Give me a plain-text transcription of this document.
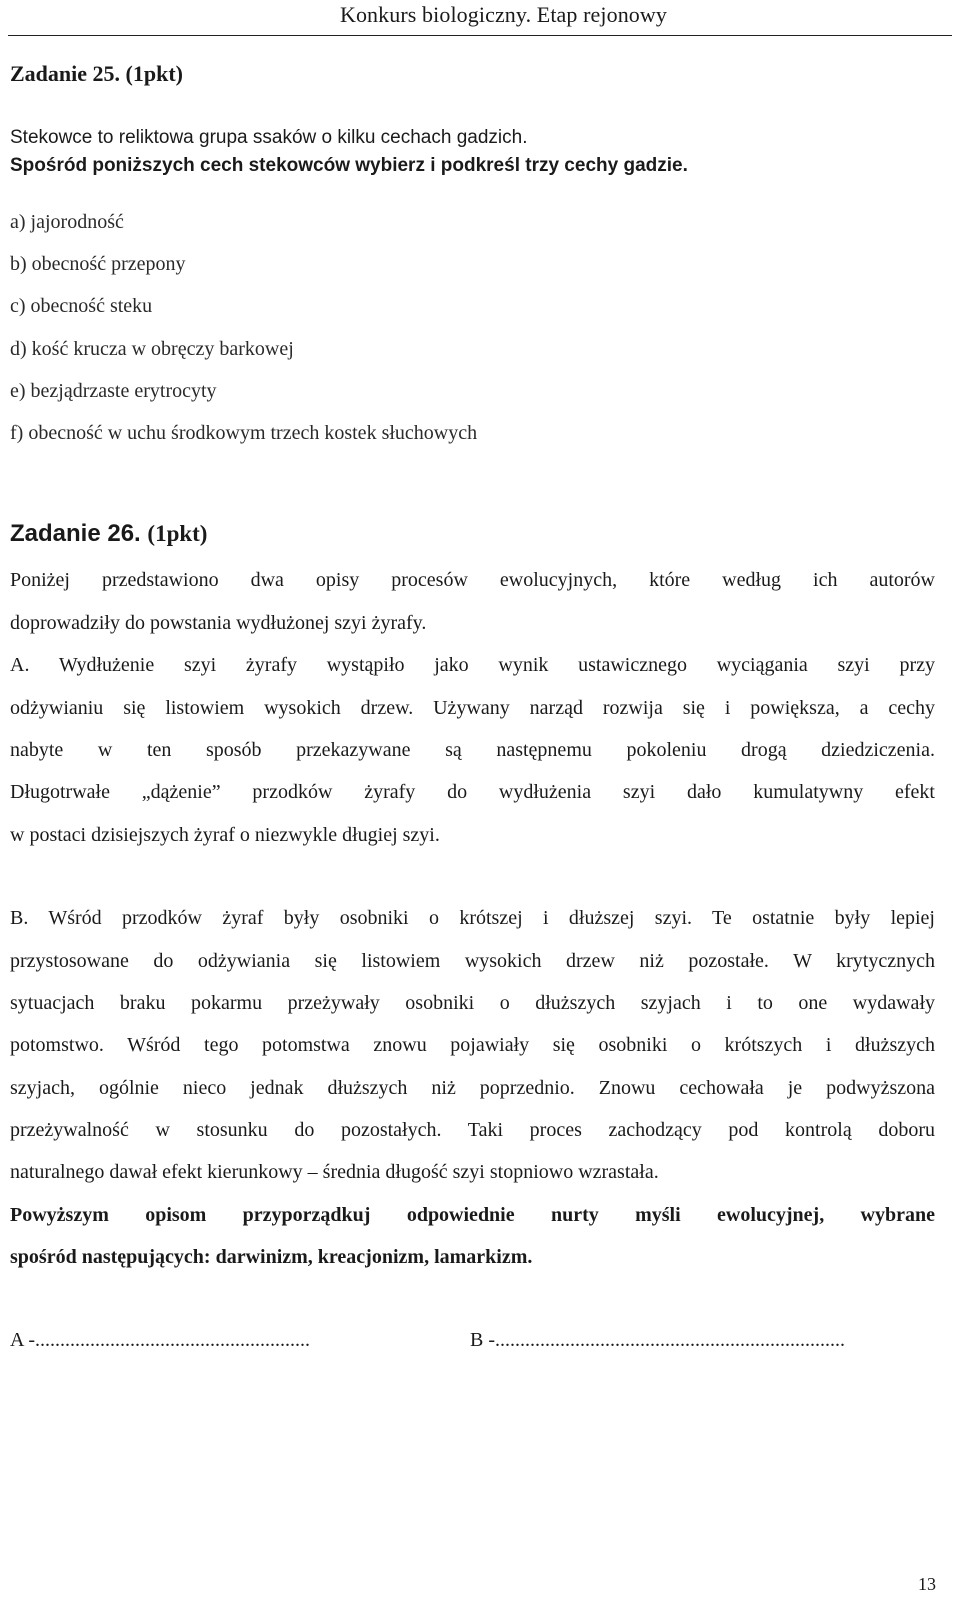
Konkurs biologiczny. Etap rejonowy
Zadanie 25. (1pkt)
Stekowce to reliktowa grupa ssaków o kilku cechach gadzich.
Spośród poniższych cech stekowców wybierz i podkreśl trzy cechy gadzie.
a) jajorodność
b) obecność przepony
c) obecność steku
d) kość krucza w obręczy barkowej
e) bezjądrzaste erytrocyty
f) obecność w uchu środkowym trzech kostek słuchowych
Zadanie 26. (1pkt)
Poniżej przedstawiono dwa opisy procesów ewolucyjnych, które według ich autorów
doprowadziły do powstania wydłużonej szyi żyrafy.
A. Wydłużenie szyi żyrafy wystąpiło jako wynik ustawicznego wyciągania szyi przy
odżywianiu się listowiem wysokich drzew. Używany narząd rozwija się i powiększa, a cechy
nabyte w ten sposób przekazywane są następnemu pokoleniu drogą dziedziczenia.
Długotrwałe „dążenie” przodków żyrafy do wydłużenia szyi dało kumulatywny efekt
w postaci dzisiejszych żyraf o niezwykle długiej szyi.
B. Wśród przodków żyraf były osobniki o krótszej i dłuższej szyi. Te ostatnie były lepiej
przystosowane do odżywiania się listowiem wysokich drzew niż pozostałe. W krytycznych
sytuacjach braku pokarmu przeżywały osobniki o dłuższych szyjach i to one wydawały
potomstwo. Wśród tego potomstwa znowu pojawiały się osobniki o krótszych i dłuższych
szyjach, ogólnie nieco jednak dłuższych niż poprzednio. Znowu cechowała je podwyższona
przeżywalność w stosunku do pozostałych. Taki proces zachodzący pod kontrolą doboru
naturalnego dawał efekt kierunkowy – średnia długość szyi stopniowo wzrastała.
Powyższym opisom przyporządkuj odpowiednie nurty myśli ewolucyjnej, wybrane
spośród następujących: darwinizm, kreacjonizm, lamarkizm.
A -.......................................................	B -......................................................................
13
